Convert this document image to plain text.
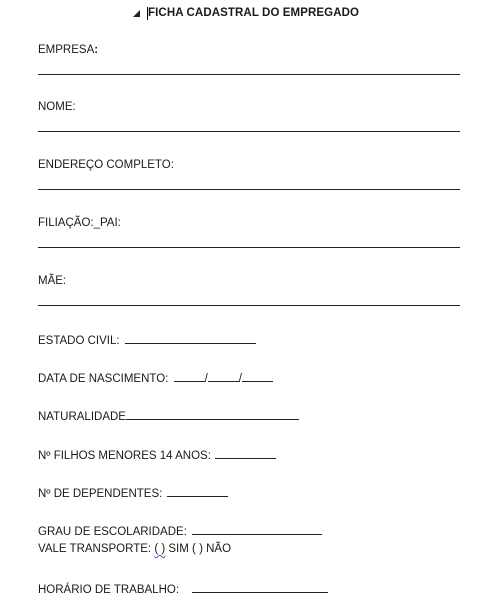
FICHA CADASTRAL DO EMPREGADO
EMPRESA:
NOME:
ENDEREÇO COMPLETO:
FILIAÇÃO:_PAI:
MÃE:
ESTADO CIVIL:
DATA DE NASCIMENTO:	/	/
NATURALIDADE
Nº FILHOS MENORES 14 ANOS:
Nº DE DEPENDENTES:
GRAU DE ESCOLARIDADE:
VALE TRANSPORTE: ( ) SIM ( ) NÃO
HORÁRIO DE TRABALHO:
